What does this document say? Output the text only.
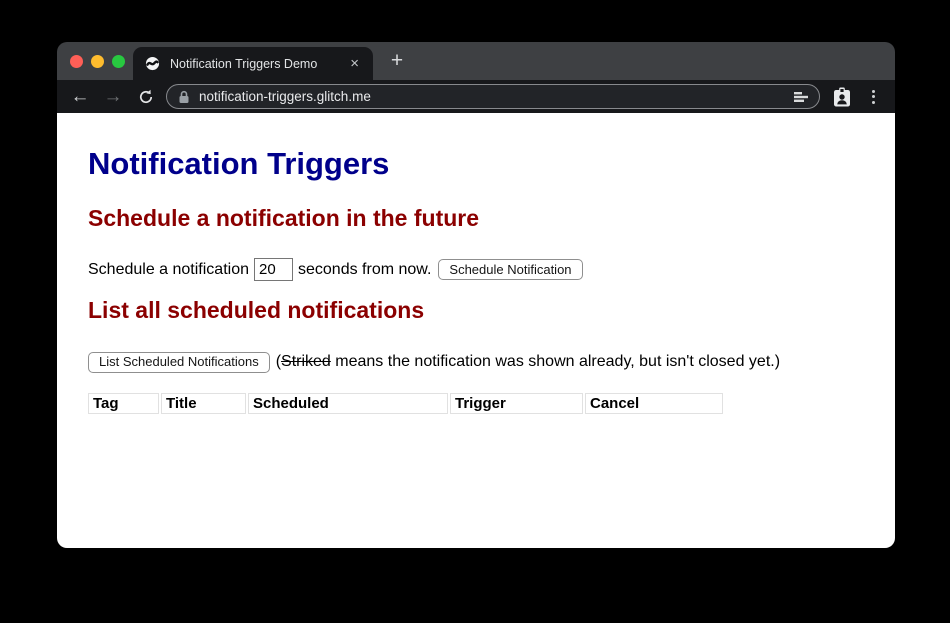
Notification Triggers Demo	×	+
← →	notification-triggers.glitch.me
Notification Triggers
Schedule a notification in the future
Schedule a notification
20	seconds from now.	Schedule Notification
List all scheduled notifications
List Scheduled Notifications	(Striked means the notification was shown already, but isn't closed yet.)
Tag	Title	Scheduled	Trigger	Cancel
